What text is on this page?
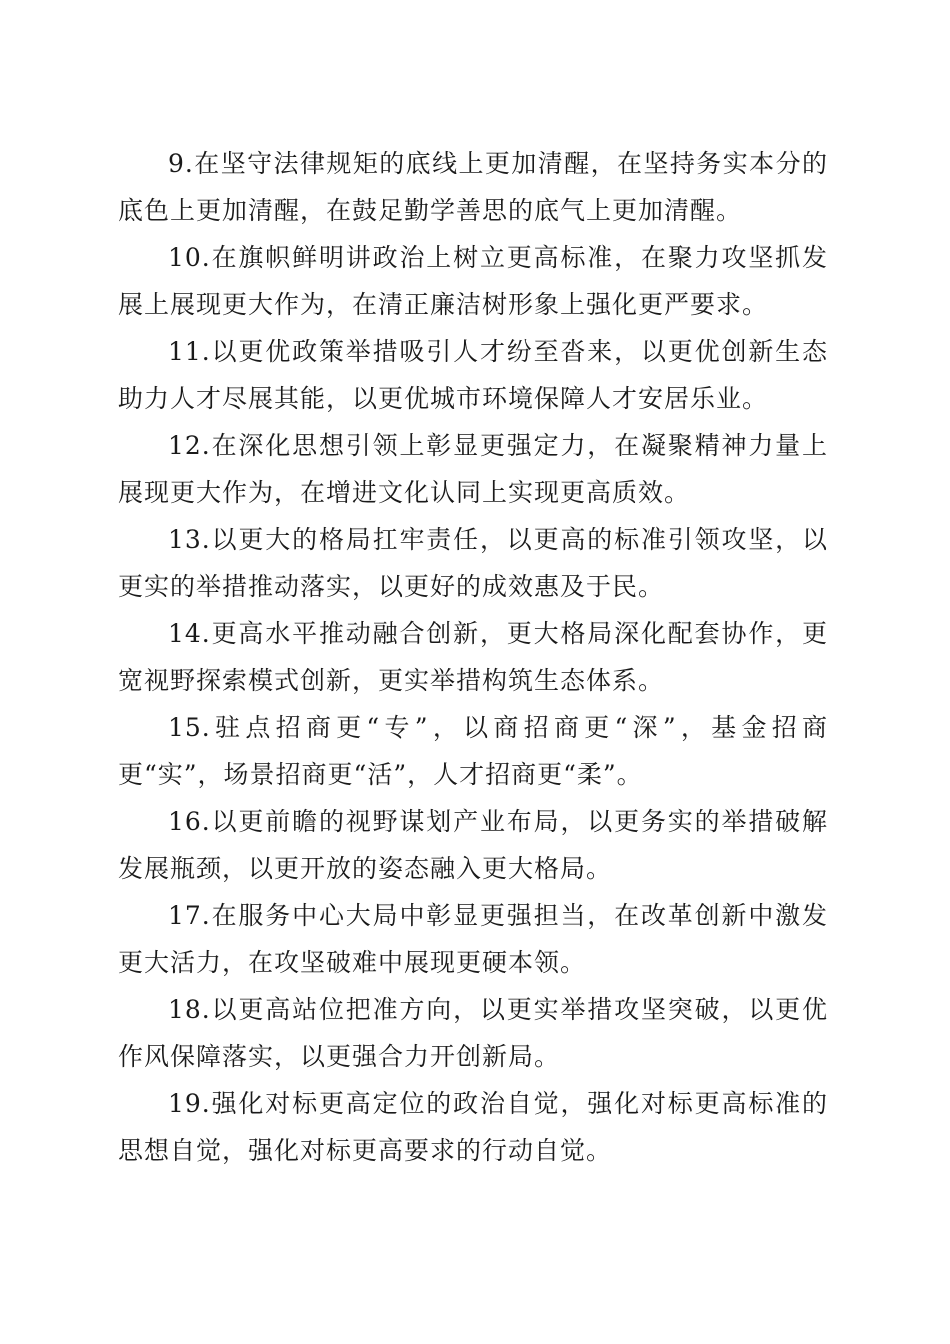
9.在坚守法律规矩的底线上更加清醒，在坚持务实本分的底色上更加清醒，在鼓足勤学善思的底气上更加清醒。

10.在旗帜鲜明讲政治上树立更高标准，在聚力攻坚抓发展上展现更大作为，在清正廉洁树形象上强化更严要求。

11.以更优政策举措吸引人才纷至沓来，以更优创新生态助力人才尽展其能，以更优城市环境保障人才安居乐业。

12.在深化思想引领上彰显更强定力，在凝聚精神力量上展现更大作为，在增进文化认同上实现更高质效。

13.以更大的格局扛牢责任，以更高的标准引领攻坚，以更实的举措推动落实，以更好的成效惠及于民。

14.更高水平推动融合创新，更大格局深化配套协作，更宽视野探索模式创新，更实举措构筑生态体系。

15.驻点招商更“专”，以商招商更“深”，基金招商更“实”，场景招商更“活”，人才招商更“柔”。

16.以更前瞻的视野谋划产业布局，以更务实的举措破解发展瓶颈，以更开放的姿态融入更大格局。

17.在服务中心大局中彰显更强担当，在改革创新中激发更大活力，在攻坚破难中展现更硬本领。

18.以更高站位把准方向，以更实举措攻坚突破，以更优作风保障落实，以更强合力开创新局。

19.强化对标更高定位的政治自觉，强化对标更高标准的思想自觉，强化对标更高要求的行动自觉。
